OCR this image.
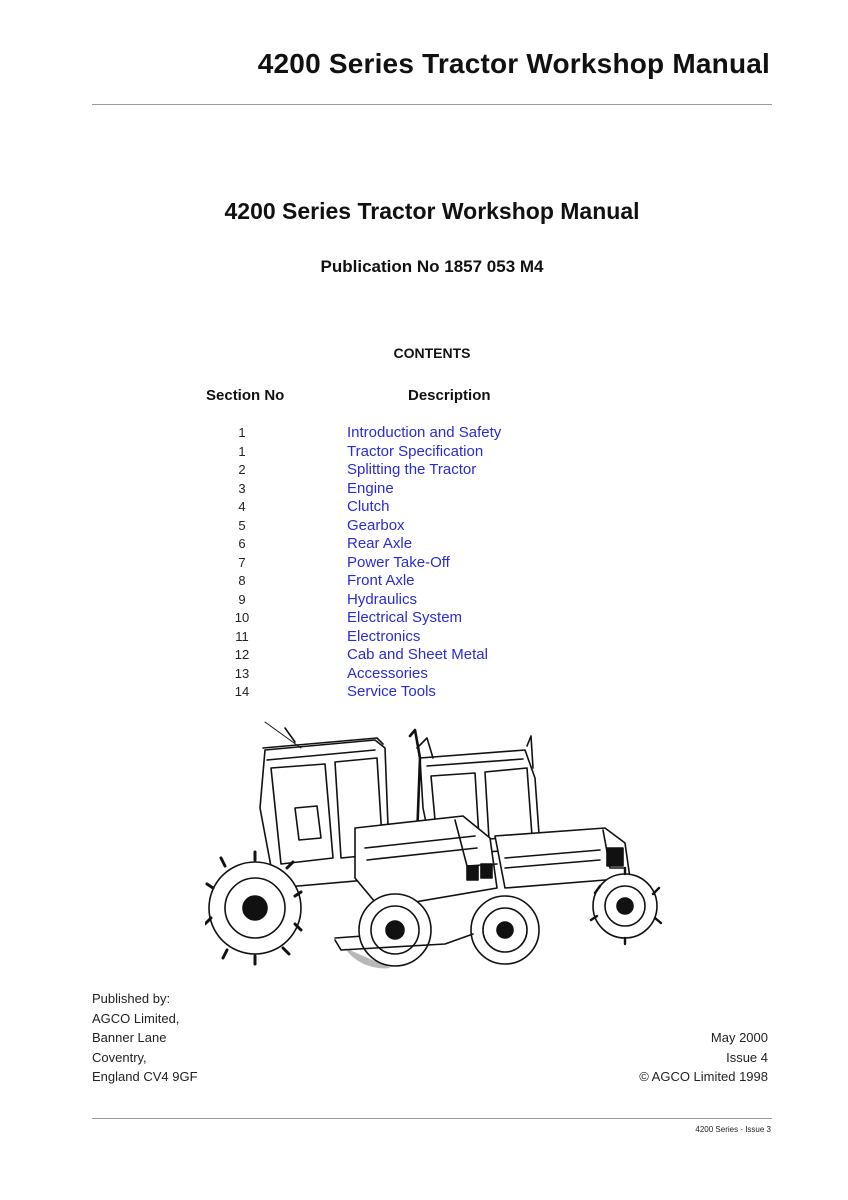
4200 Series Tractor Workshop Manual
4200 Series Tractor Workshop Manual
Publication No 1857 053 M4
CONTENTS
Section No	Description
1	Introduction and Safety
1	Tractor Specification
2	Splitting the Tractor
3	Engine
4	Clutch
5	Gearbox
6	Rear Axle
7	Power Take-Off
8	Front Axle
9	Hydraulics
10	Electrical System
11	Electronics
12	Cab and Sheet Metal
13	Accessories
14	Service Tools
Published by:
AGCO Limited,
Banner Lane
Coventry,
England CV4 9GF
May 2000
Issue 4
© AGCO Limited 1998
4200 Series - Issue 3
